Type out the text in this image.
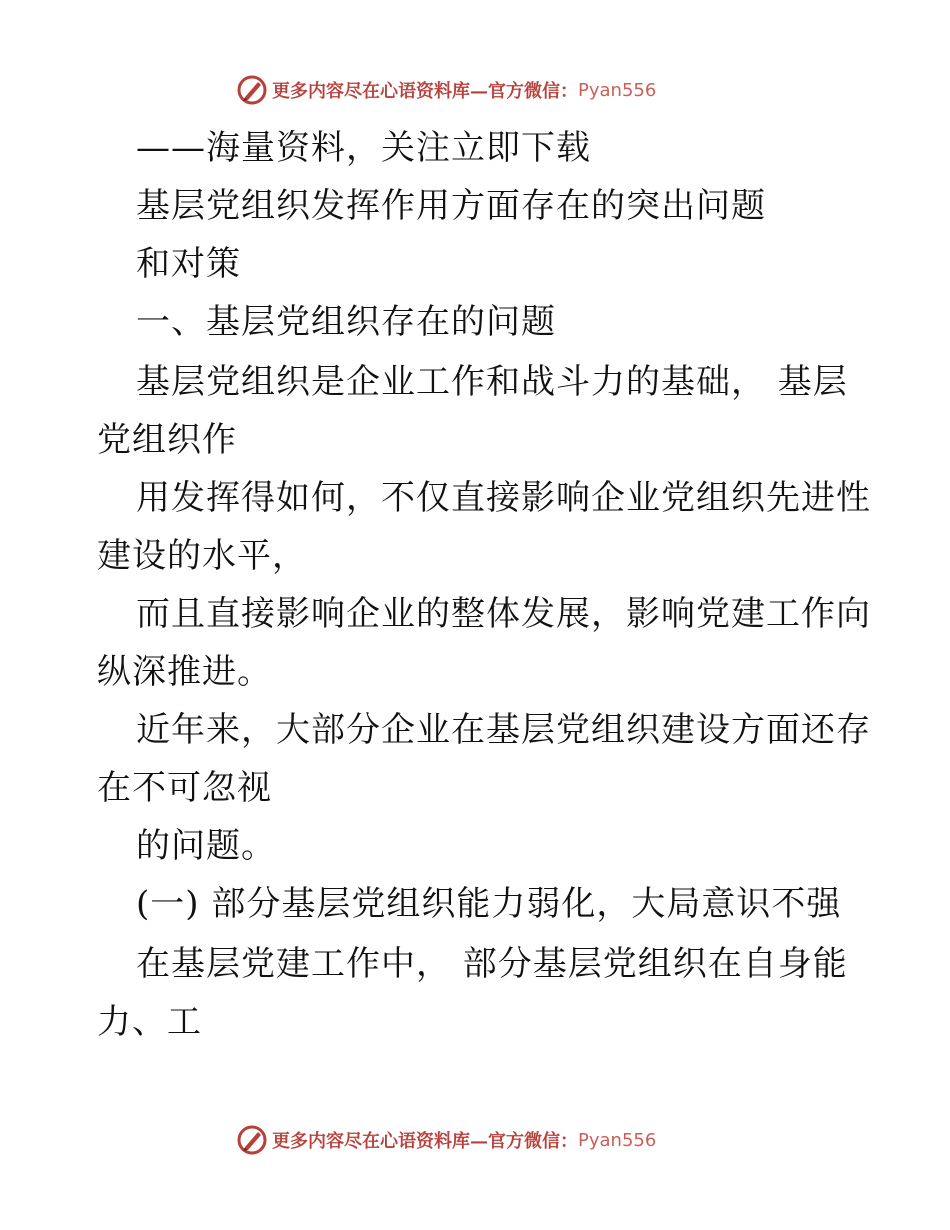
更多内容尽在心语资料库—官方微信： Pyan556
——海量资料，关注立即下载
基层党组织发挥作用方面存在的突出问题
和对策
一、基层党组织存在的问题
基层党组织是企业工作和战斗力的基础， 基层
党组织作
用发挥得如何，不仅直接影响企业党组织先进性
建设的水平，
而且直接影响企业的整体发展，影响党建工作向
纵深推进。
近年来，大部分企业在基层党组织建设方面还存
在不可忽视
的问题。
(一) 部分基层党组织能力弱化，大局意识不强
在基层党建工作中， 部分基层党组织在自身能
力、工
更多内容尽在心语资料库—官方微信： Pyan556
